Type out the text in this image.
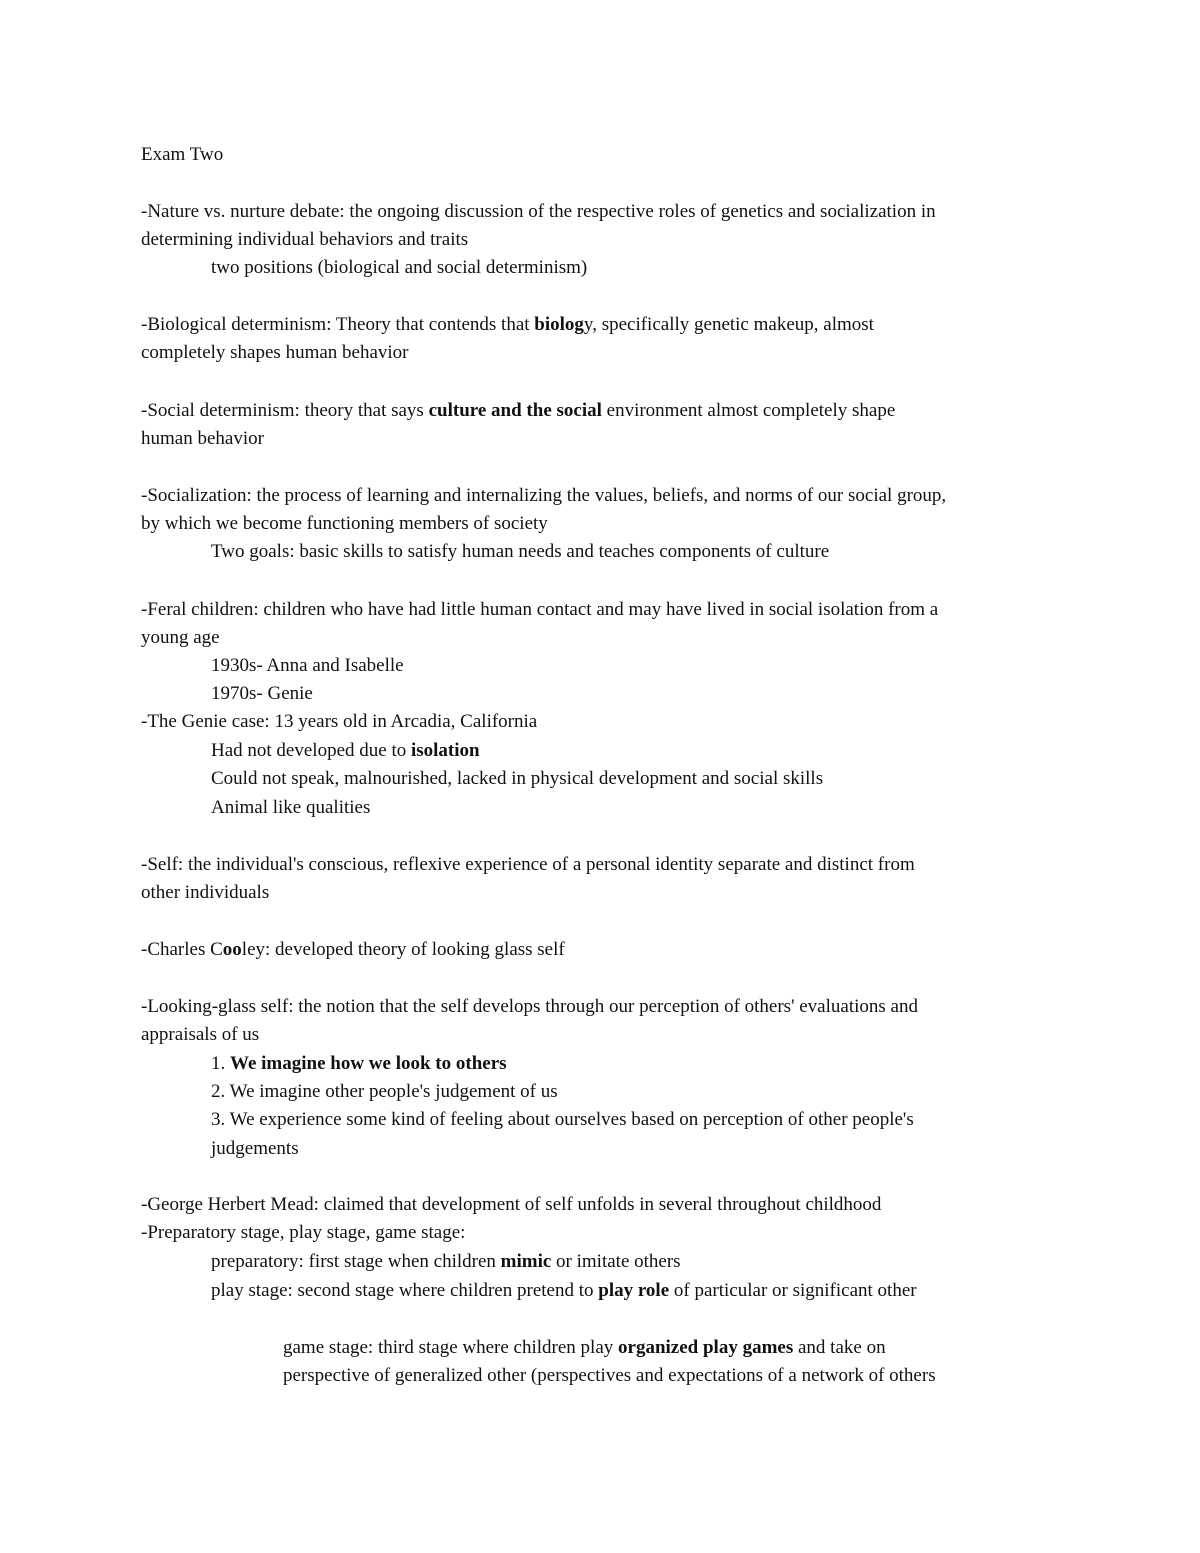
Exam Two
-Nature vs. nurture debate: the ongoing discussion of the respective roles of genetics and socialization in
determining individual behaviors and traits
two positions (biological and social determinism)
-Biological determinism: Theory that contends that biology, specifically genetic makeup, almost
completely shapes human behavior
-Social determinism: theory that says culture and the social environment almost completely shape
human behavior
-Socialization: the process of learning and internalizing the values, beliefs, and norms of our social group,
by which we become functioning members of society
Two goals: basic skills to satisfy human needs and teaches components of culture
-Feral children: children who have had little human contact and may have lived in social isolation from a
young age
1930s- Anna and Isabelle
1970s- Genie
-The Genie case: 13 years old in Arcadia, California
Had not developed due to isolation
Could not speak, malnourished, lacked in physical development and social skills
Animal like qualities
-Self: the individual's conscious, reflexive experience of a personal identity separate and distinct from
other individuals
-Charles Cooley: developed theory of looking glass self
-Looking-glass self: the notion that the self develops through our perception of others' evaluations and
appraisals of us
1. We imagine how we look to others
2. We imagine other people's judgement of us
3. We experience some kind of feeling about ourselves based on perception of other people's
judgements
-George Herbert Mead: claimed that development of self unfolds in several throughout childhood
-Preparatory stage, play stage, game stage:
preparatory: first stage when children mimic or imitate others
play stage: second stage where children pretend to play role of particular or significant other
game stage: third stage where children play organized play games and take on
perspective of generalized other (perspectives and expectations of a network of others
